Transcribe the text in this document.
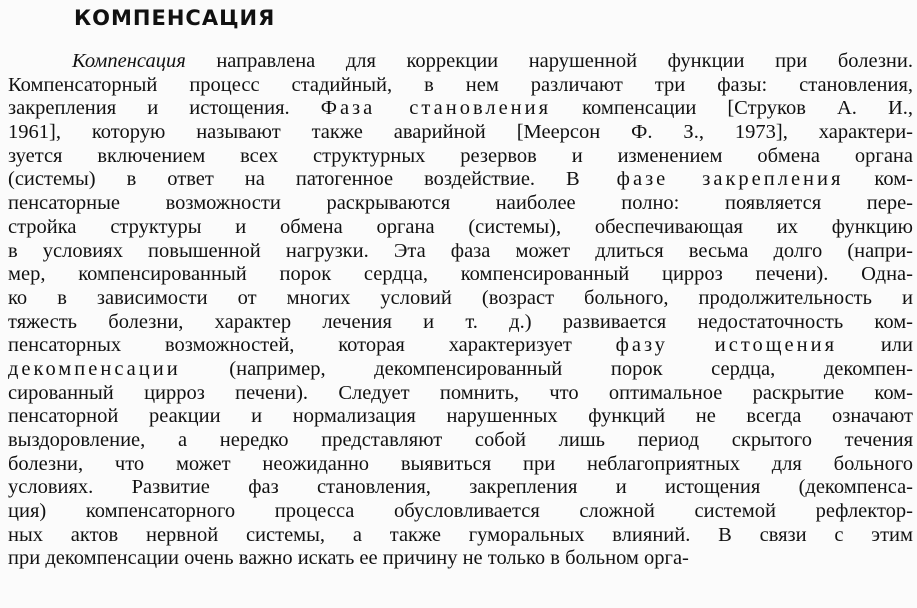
КОМПЕНСАЦИЯ
Компенсация направлена для коррекции нарушенной функции при болезни.
Компенсаторный процесс стадийный, в нем различают три фазы: становления,
закрепления и истощения. Фаза становления компенсации [Струков А. И.,
1961], которую называют также аварийной [Меерсон Ф. З., 1973], характери-
зуется включением всех структурных резервов и изменением обмена органа
(системы) в ответ на патогенное воздействие. В фазе закрепления ком-
пенсаторные возможности раскрываются наиболее полно: появляется пере-
стройка структуры и обмена органа (системы), обеспечивающая их функцию
в условиях повышенной нагрузки. Эта фаза может длиться весьма долго (напри-
мер, компенсированный порок сердца, компенсированный цирроз печени). Одна-
ко в зависимости от многих условий (возраст больного, продолжительность и
тяжесть болезни, характер лечения и т. д.) развивается недостаточность ком-
пенсаторных возможностей, которая характеризует фазу истощения или
декомпенсации (например, декомпенсированный порок сердца, декомпен-
сированный цирроз печени). Следует помнить, что оптимальное раскрытие ком-
пенсаторной реакции и нормализация нарушенных функций не всегда означают
выздоровление, а нередко представляют собой лишь период скрытого течения
болезни, что может неожиданно выявиться при неблагоприятных для больного
условиях. Развитие фаз становления, закрепления и истощения (декомпенса-
ция) компенсаторного процесса обусловливается сложной системой рефлектор-
ных актов нервной системы, а также гуморальных влияний. В связи с этим
при декомпенсации очень важно искать ее причину не только в больном орга-
